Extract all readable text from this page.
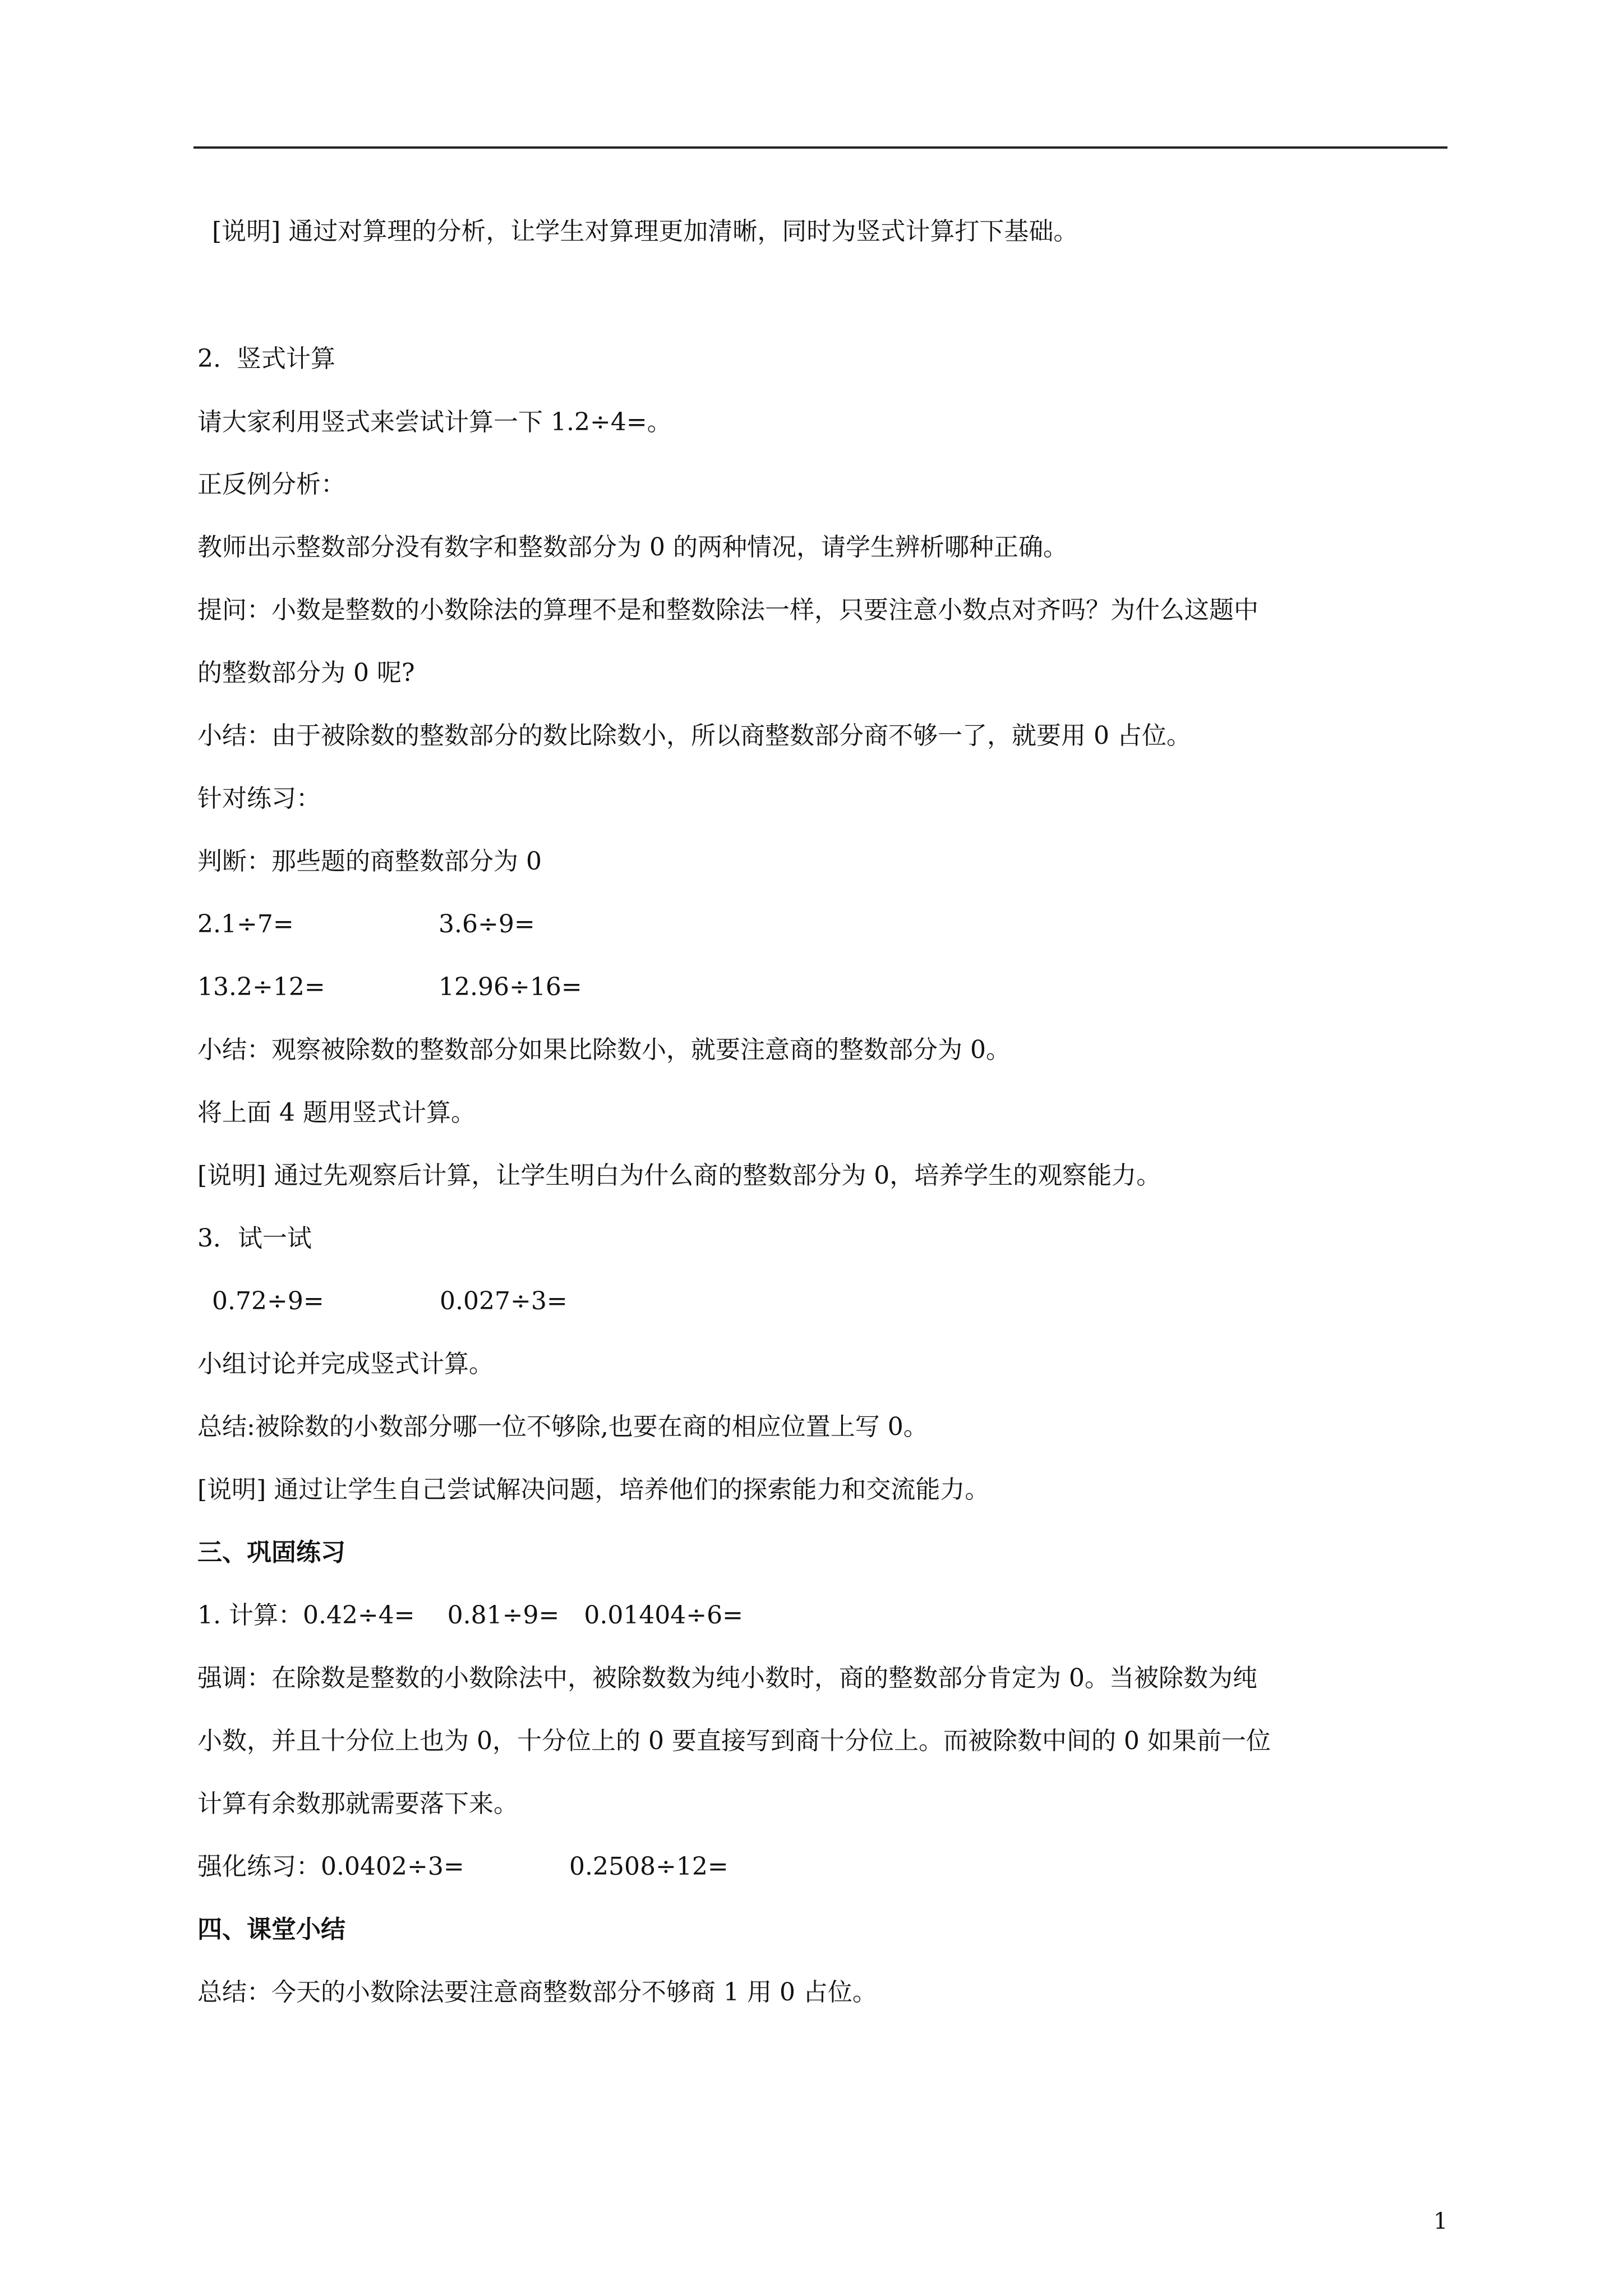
[说明] 通过对算理的分析，让学生对算理更加清晰，同时为竖式计算打下基础。
2.  竖式计算
请大家利用竖式来尝试计算一下 1.2÷4=。
正反例分析：
教师出示整数部分没有数字和整数部分为 0 的两种情况，请学生辨析哪种正确。
提问：小数是整数的小数除法的算理不是和整数除法一样，只要注意小数点对齐吗？为什么这题中
的整数部分为 0 呢?
小结：由于被除数的整数部分的数比除数小，所以商整数部分商不够一了，就要用 0 占位。
针对练习：
判断：那些题的商整数部分为 0
2.1÷7=	3.6÷9=
13.2÷12=	12.96÷16=
小结：观察被除数的整数部分如果比除数小，就要注意商的整数部分为 0。
将上面 4 题用竖式计算。
[说明] 通过先观察后计算，让学生明白为什么商的整数部分为 0，培养学生的观察能力。
3．试一试
0.72÷9=	0.027÷3=
小组讨论并完成竖式计算。
总结:被除数的小数部分哪一位不够除,也要在商的相应位置上写 0。
[说明] 通过让学生自己尝试解决问题，培养他们的探索能力和交流能力。
三、巩固练习
1. 计算：0.42÷4=　 0.81÷9=　0.01404÷6=
强调：在除数是整数的小数除法中，被除数数为纯小数时，商的整数部分肯定为 0。当被除数为纯
小数，并且十分位上也为 0，十分位上的 0 要直接写到商十分位上。而被除数中间的 0 如果前一位
计算有余数那就需要落下来。
强化练习：0.0402÷3=	0.2508÷12=
四、课堂小结
总结：今天的小数除法要注意商整数部分不够商 1 用 0 占位。
1
